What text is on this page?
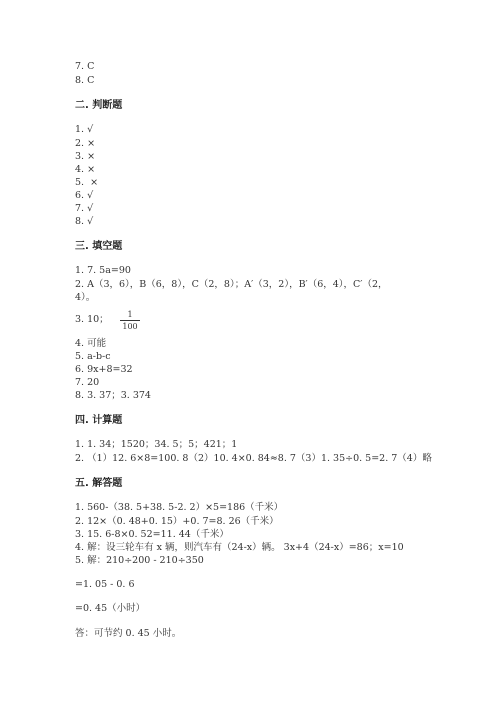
7. C
8. C
二. 判断题
1. √
2. ×
3. ×
4. ×
5.  ×
6. √
7. √
8. √
三. 填空题
1. 7. 5a=90
2. A（3，6），B（6，8），C（2，8）；A′（3，2），B′（6，4），C′（2，
4）。
3. 10；	1
100
4. 可能
5. a-b-c
6. 9x+8=32
7. 20
8. 3. 37；3. 374
四. 计算题
1. 1. 34；1520；34. 5；5；421；1
2. （1）12. 6×8=100. 8（2）10. 4×0. 84≈8. 7（3）1. 35÷0. 5=2. 7（4）略
五. 解答题
1. 560-（38. 5+38. 5-2. 2）×5=186（千米）
2. 12×（0. 48+0. 15）+0. 7=8. 26（千米）
3. 15. 6-8×0. 52=11. 44（千米）
4. 解：设三轮车有 x 辆，则汽车有（24-x）辆。 3x+4（24-x）=86；x=10
5. 解：210÷200 - 210÷350
=1. 05 - 0. 6
=0. 45（小时）
答：可节约 0. 45 小时。
